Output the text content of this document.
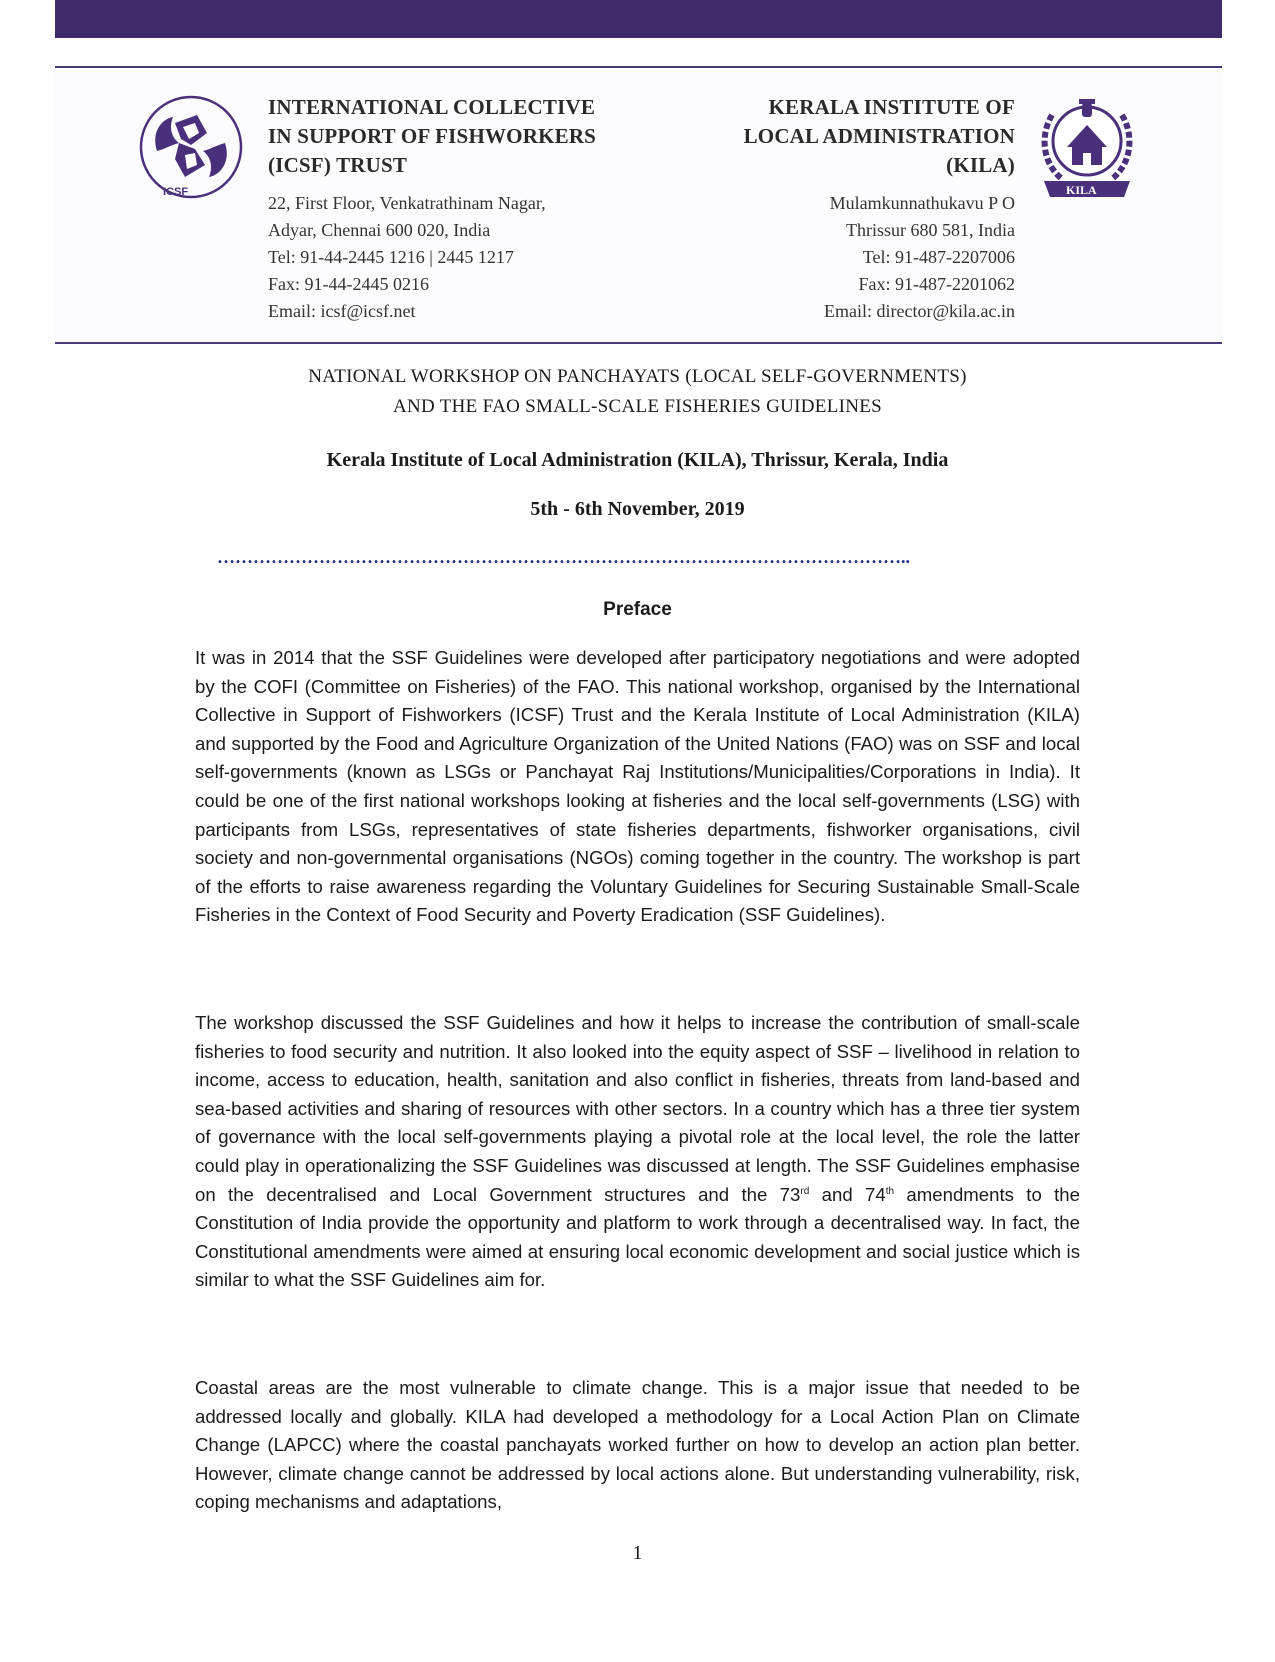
ICSF
INTERNATIONAL COLLECTIVE
IN SUPPORT OF FISHWORKERS
(ICSF) TRUST
22, First Floor, Venkatrathinam Nagar,
Adyar, Chennai 600 020, India
Tel: 91-44-2445 1216 | 2445 1217
Fax: 91-44-2445 0216
Email: icsf@icsf.net
KERALA INSTITUTE OF
LOCAL ADMINISTRATION
(KILA)
Mulamkunnathukavu P O
Thrissur 680 581, India
Tel: 91-487-2207006
Fax: 91-487-2201062
Email: director@kila.ac.in
KILA
NATIONAL WORKSHOP ON PANCHAYATS (LOCAL SELF-GOVERNMENTS)
AND THE FAO SMALL-SCALE FISHERIES GUIDELINES
Kerala Institute of Local Administration (KILA), Thrissur, Kerala, India
5th - 6th November, 2019
……………………………………………………………………………………………………..
Preface

It was in 2014 that the SSF Guidelines were developed after participatory negotiations and were adopted by the COFI (Committee on Fisheries) of the FAO. This national workshop, organised by the International Collective in Support of Fishworkers (ICSF) Trust and the Kerala Institute of Local Administration (KILA) and supported by the Food and Agriculture Organization of the United Nations (FAO) was on SSF and local self-governments (known as LSGs or Panchayat Raj Institutions/Municipalities/Corporations in India). It could be one of the first national workshops looking at fisheries and the local self-governments (LSG) with participants from LSGs, representatives of state fisheries departments, fishworker organisations, civil society and non-governmental organisations (NGOs) coming together in the country. The workshop is part of the efforts to raise awareness regarding the Voluntary Guidelines for Securing Sustainable Small-Scale Fisheries in the Context of Food Security and Poverty Eradication (SSF Guidelines).

The workshop discussed the SSF Guidelines and how it helps to increase the contribution of small-scale fisheries to food security and nutrition. It also looked into the equity aspect of SSF – livelihood in relation to income, access to education, health, sanitation and also conflict in fisheries, threats from land-based and sea-based activities and sharing of resources with other sectors. In a country which has a three tier system of governance with the local self-governments playing a pivotal role at the local level, the role the latter could play in operationalizing the SSF Guidelines was discussed at length. The SSF Guidelines emphasise on the decentralised and Local Government structures and the 73rd and 74th amendments to the Constitution of India provide the opportunity and platform to work through a decentralised way. In fact, the Constitutional amendments were aimed at ensuring local economic development and social justice which is similar to what the SSF Guidelines aim for.

Coastal areas are the most vulnerable to climate change. This is a major issue that needed to be addressed locally and globally. KILA had developed a methodology for a Local Action Plan on Climate Change (LAPCC) where the coastal panchayats worked further on how to develop an action plan better. However, climate change cannot be addressed by local actions alone. But understanding vulnerability, risk, coping mechanisms and adaptations,

1
